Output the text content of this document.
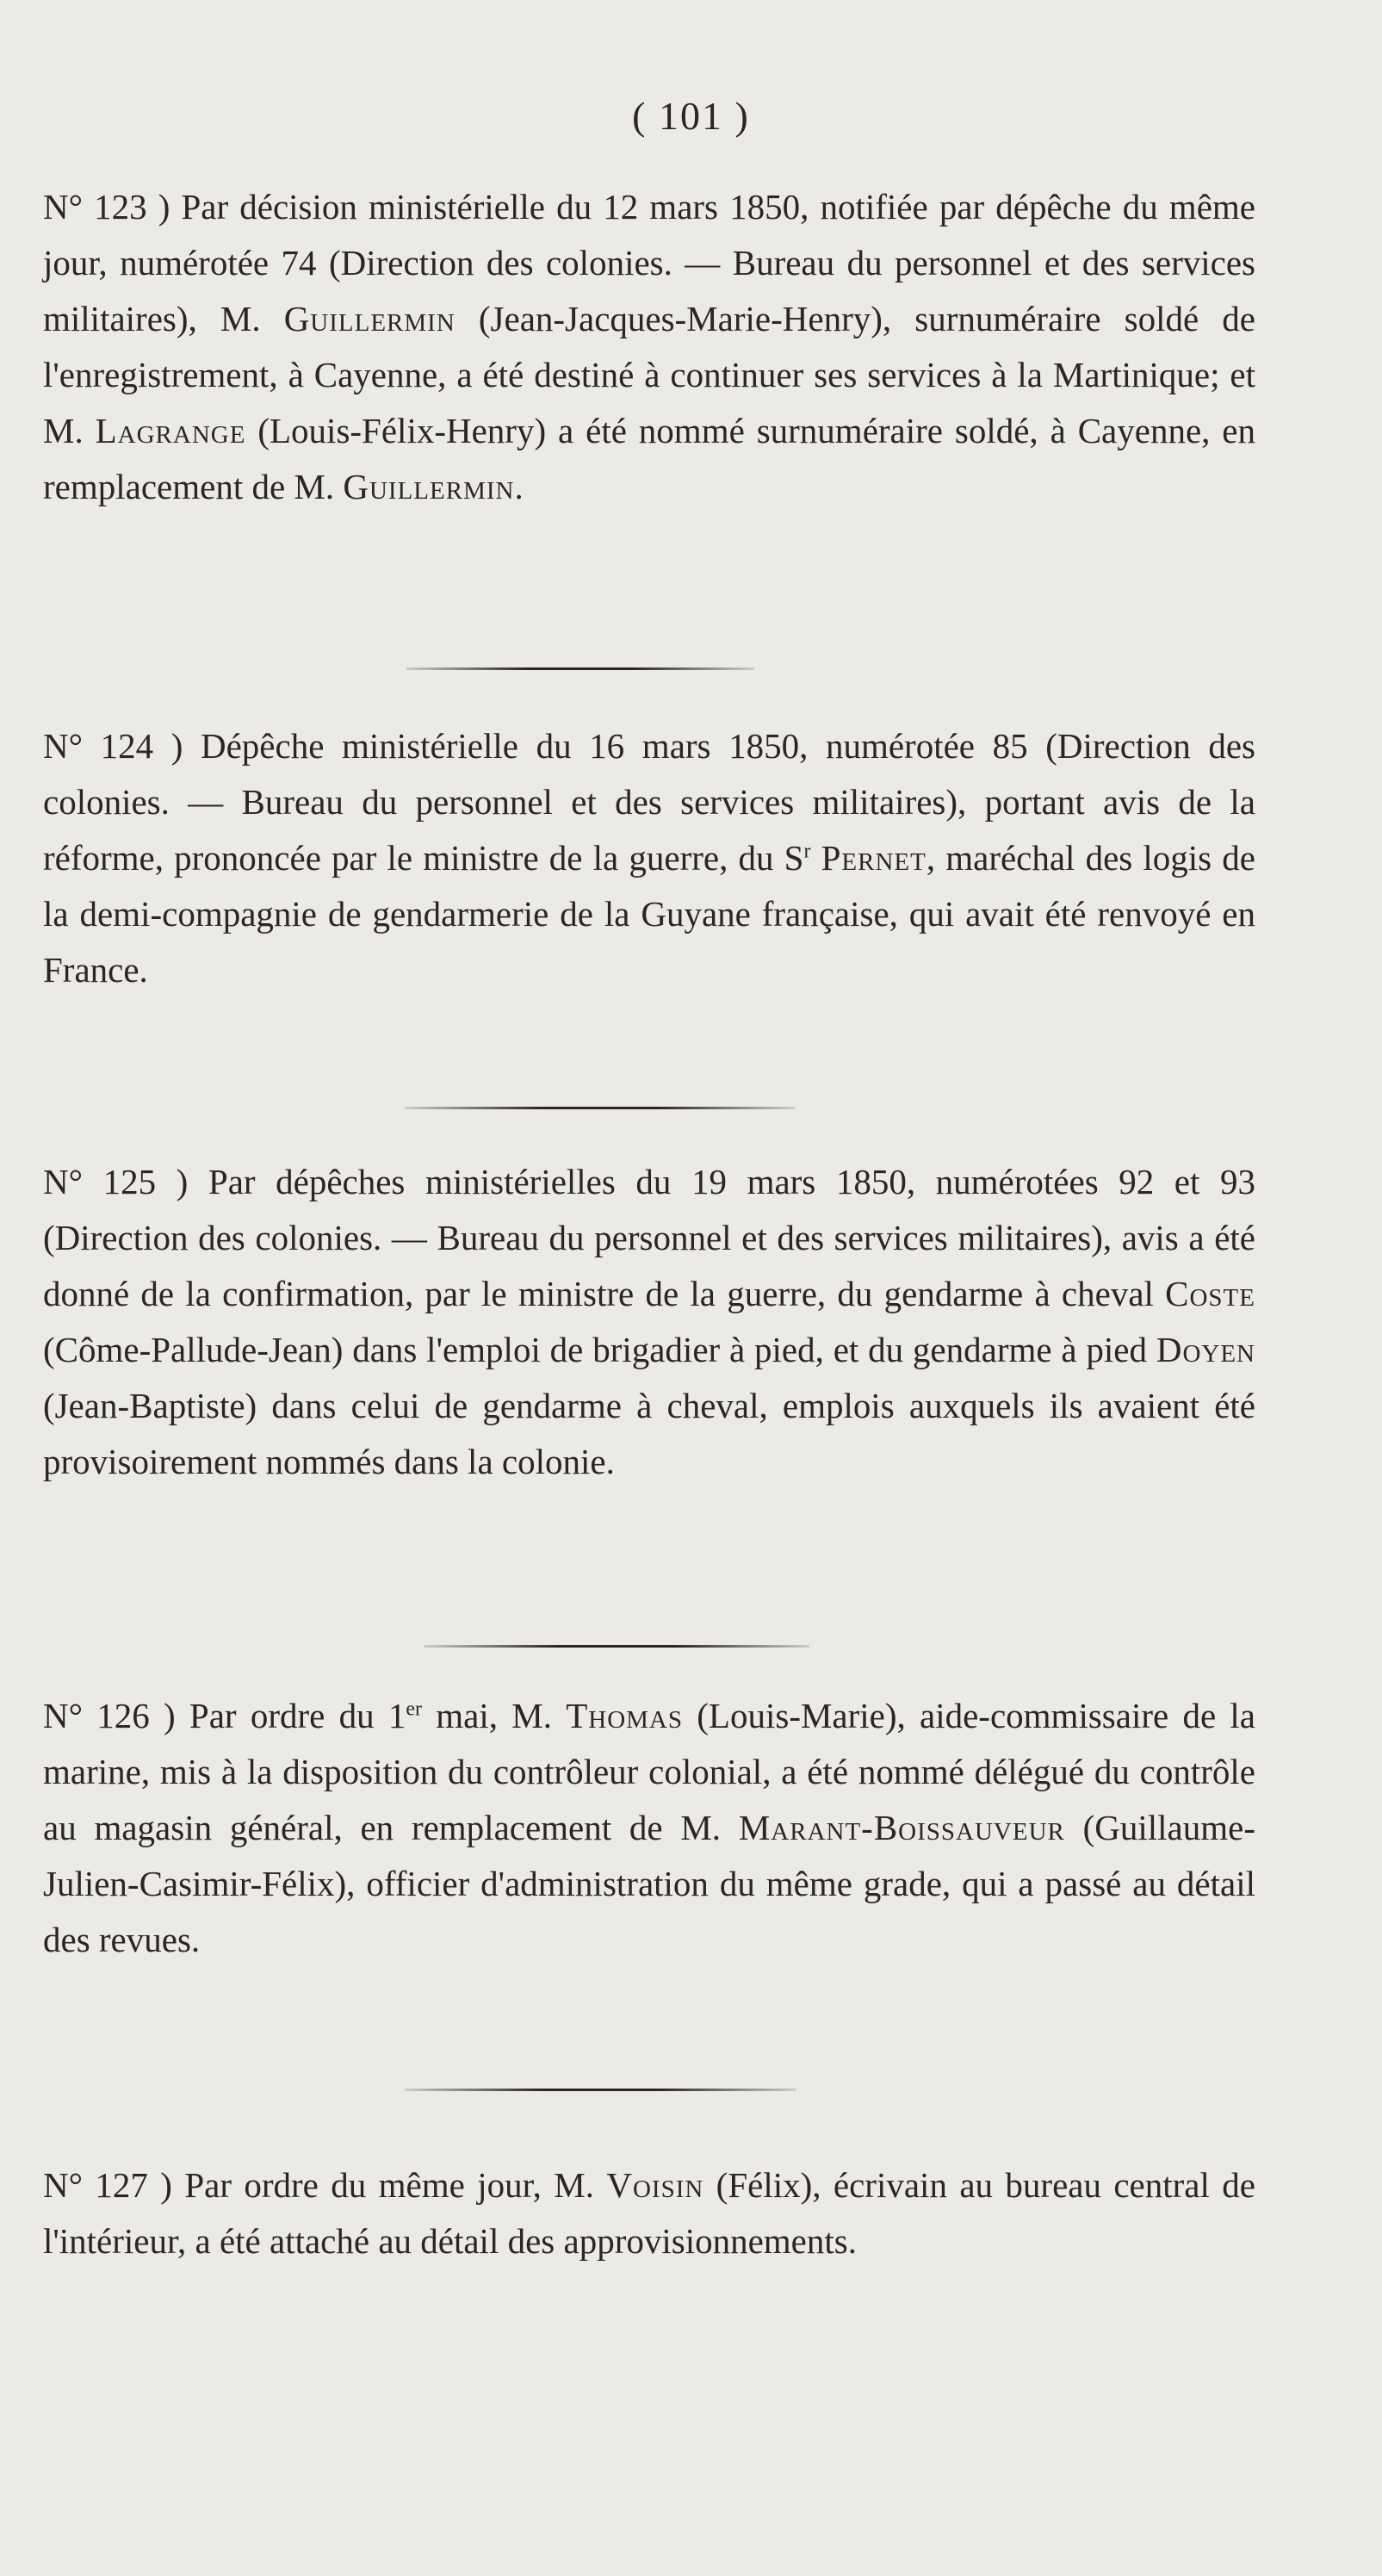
( 101 )

N° 123 ) Par décision ministérielle du 12 mars 1850, notifiée par dépêche du même jour, numérotée 74 (Direction des colonies. — Bureau du personnel et des services militaires), M. Guillermin (Jean-Jacques-Marie-Henry), surnuméraire soldé de l'enregistrement, à Cayenne, a été destiné à continuer ses services à la Martinique; et M. Lagrange (Louis-Félix-Henry) a été nommé surnuméraire soldé, à Cayenne, en remplacement de M. Guillermin.

N° 124 ) Dépêche ministérielle du 16 mars 1850, numérotée 85 (Direction des colonies. — Bureau du personnel et des services militaires), portant avis de la réforme, prononcée par le ministre de la guerre, du $S^r$ Pernet, maréchal des logis de la demi-compagnie de gendarmerie de la Guyane française, qui avait été renvoyé en France.

N° 125 ) Par dépêches ministérielles du 19 mars 1850, numérotées 92 et 93 (Direction des colonies. — Bureau du personnel et des services militaires), avis a été donné de la confirmation, par le ministre de la guerre, du gendarme à cheval Coste (Côme-Pallude-Jean) dans l'emploi de brigadier à pied, et du gendarme à pied Doyen (Jean-Baptiste) dans celui de gendarme à cheval, emplois auxquels ils avaient été provisoirement nommés dans la colonie.

N° 126 ) Par ordre du 1er mai, M. Thomas (Louis-Marie), aide-commissaire de la marine, mis à la disposition du contrôleur colonial, a été nommé délégué du contrôle au magasin général, en remplacement de M. Marant-Boissauveur (Guillaume-Julien-Casimir-Félix), officier d'administration du même grade, qui a passé au détail des revues.

N° 127 ) Par ordre du même jour, M. Voisin (Félix), écrivain au bureau central de l'intérieur, a été attaché au détail des approvisionnements.
